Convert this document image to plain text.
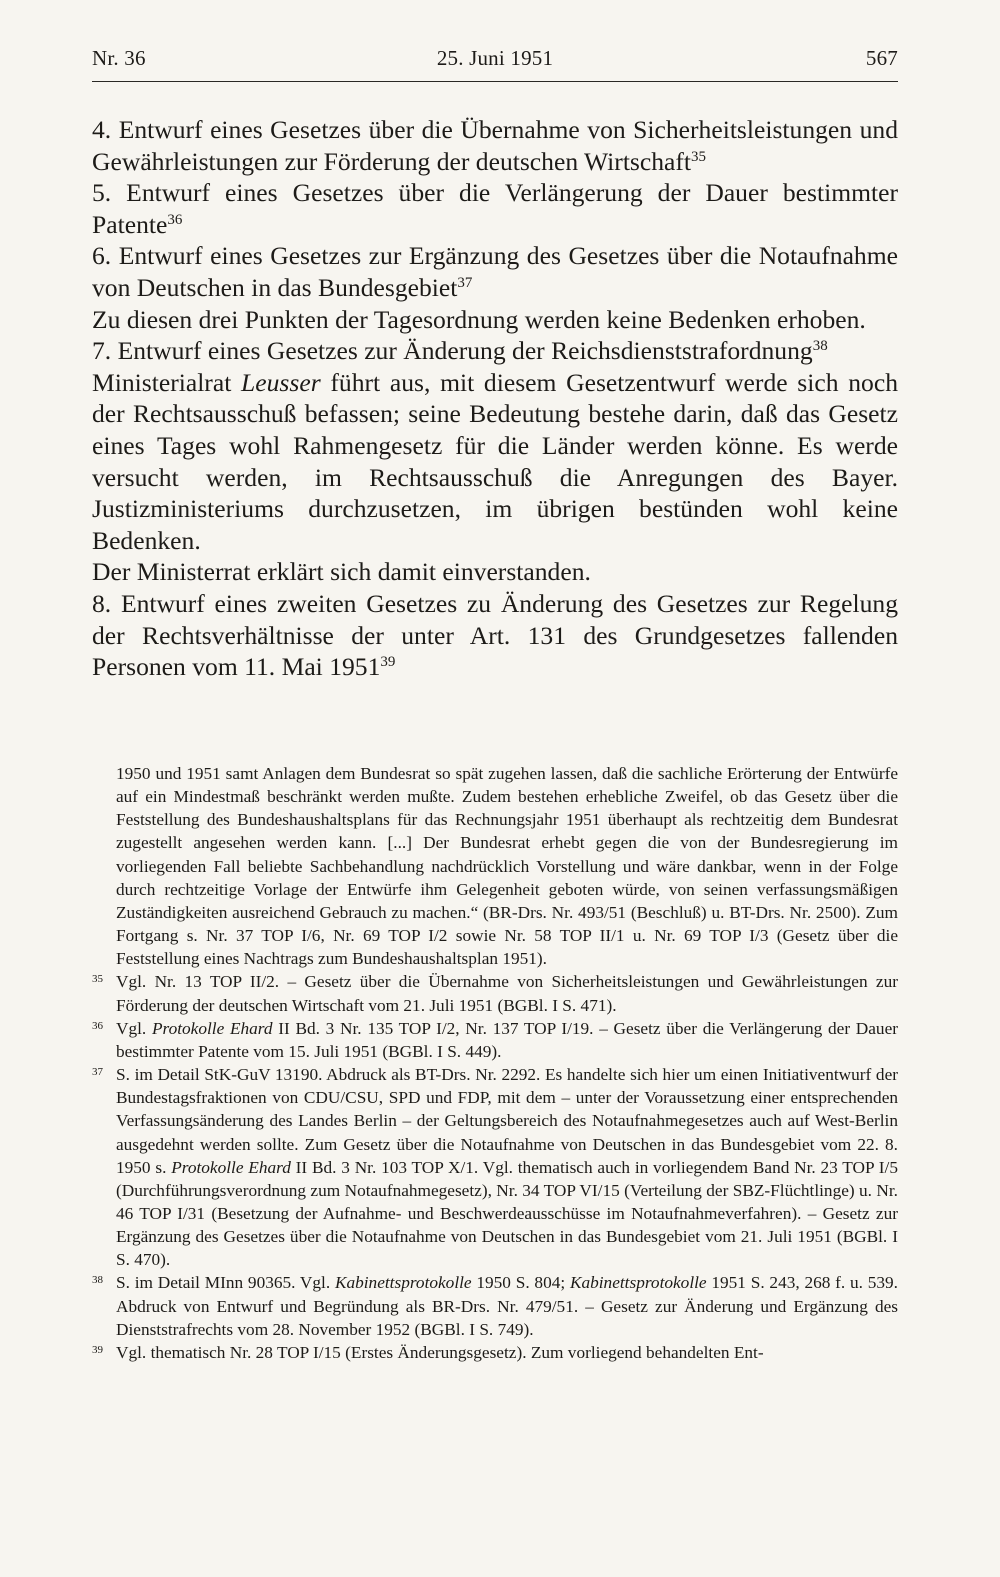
Nr. 36	25. Juni 1951	567

4. Entwurf eines Gesetzes über die Übernahme von Sicherheitsleistungen und Gewährleistungen zur Förderung der deutschen Wirtschaft$^{35}$

5. Entwurf eines Gesetzes über die Verlängerung der Dauer bestimmter Patente$^{36}$

6. Entwurf eines Gesetzes zur Ergänzung des Gesetzes über die Notaufnahme von Deutschen in das Bundesgebiet$^{37}$

Zu diesen drei Punkten der Tagesordnung werden keine Bedenken erhoben.

7. Entwurf eines Gesetzes zur Änderung der Reichsdienststrafordnung$^{38}$

Ministerialrat Leusser führt aus, mit diesem Gesetzentwurf werde sich noch der Rechtsausschuß befassen; seine Bedeutung bestehe darin, daß das Gesetz eines Tages wohl Rahmengesetz für die Länder werden könne. Es werde versucht werden, im Rechtsausschuß die Anregungen des Bayer. Justizministeriums durchzusetzen, im übrigen bestünden wohl keine Bedenken.

Der Ministerrat erklärt sich damit einverstanden.

8. Entwurf eines zweiten Gesetzes zu Änderung des Gesetzes zur Regelung der Rechtsverhältnisse der unter Art. 131 des Grundgesetzes fallenden Personen vom 11. Mai 1951$^{39}$

1950 und 1951 samt Anlagen dem Bundesrat so spät zugehen lassen, daß die sachliche Erörterung der Entwürfe auf ein Mindestmaß beschränkt werden mußte. Zudem bestehen erhebliche Zweifel, ob das Gesetz über die Feststellung des Bundeshaushaltsplans für das Rechnungsjahr 1951 überhaupt als rechtzeitig dem Bundesrat zugestellt angesehen werden kann. [...] Der Bundesrat erhebt gegen die von der Bundesregierung im vorliegenden Fall beliebte Sachbehandlung nachdrücklich Vorstellung und wäre dankbar, wenn in der Folge durch rechtzeitige Vorlage der Entwürfe ihm Gelegenheit geboten würde, von seinen verfassungsmäßigen Zuständigkeiten ausreichend Gebrauch zu machen.“ (BR-Drs. Nr. 493/51 (Beschluß) u. BT-Drs. Nr. 2500). Zum Fortgang s. Nr. 37 TOP I/6, Nr. 69 TOP I/2 sowie Nr. 58 TOP II/1 u. Nr. 69 TOP I/3 (Gesetz über die Feststellung eines Nachtrags zum Bundeshaushaltsplan 1951).

35 Vgl. Nr. 13 TOP II/2. – Gesetz über die Übernahme von Sicherheitsleistungen und Gewährleistungen zur Förderung der deutschen Wirtschaft vom 21. Juli 1951 (BGBl. I S. 471).

36 Vgl. Protokolle Ehard II Bd. 3 Nr. 135 TOP I/2, Nr. 137 TOP I/19. – Gesetz über die Verlängerung der Dauer bestimmter Patente vom 15. Juli 1951 (BGBl. I S. 449).

37 S. im Detail StK-GuV 13190. Abdruck als BT-Drs. Nr. 2292. Es handelte sich hier um einen Initiativentwurf der Bundestagsfraktionen von CDU/CSU, SPD und FDP, mit dem – unter der Voraussetzung einer entsprechenden Verfassungsänderung des Landes Berlin – der Geltungsbereich des Notaufnahmegesetzes auch auf West-Berlin ausgedehnt werden sollte. Zum Gesetz über die Notaufnahme von Deutschen in das Bundesgebiet vom 22. 8. 1950 s. Protokolle Ehard II Bd. 3 Nr. 103 TOP X/1. Vgl. thematisch auch in vorliegendem Band Nr. 23 TOP I/5 (Durchführungsverordnung zum Notaufnahmegesetz), Nr. 34 TOP VI/15 (Verteilung der SBZ-Flüchtlinge) u. Nr. 46 TOP I/31 (Besetzung der Aufnahme- und Beschwerdeausschüsse im Notaufnahmeverfahren). – Gesetz zur Ergänzung des Gesetzes über die Notaufnahme von Deutschen in das Bundesgebiet vom 21. Juli 1951 (BGBl. I S. 470).

38 S. im Detail MInn 90365. Vgl. Kabinettsprotokolle 1950 S. 804; Kabinettsprotokolle 1951 S. 243, 268 f. u. 539. Abdruck von Entwurf und Begründung als BR-Drs. Nr. 479/51. – Gesetz zur Änderung und Ergänzung des Dienststrafrechts vom 28. November 1952 (BGBl. I S. 749).

39 Vgl. thematisch Nr. 28 TOP I/15 (Erstes Änderungsgesetz). Zum vorliegend behandelten Ent-
